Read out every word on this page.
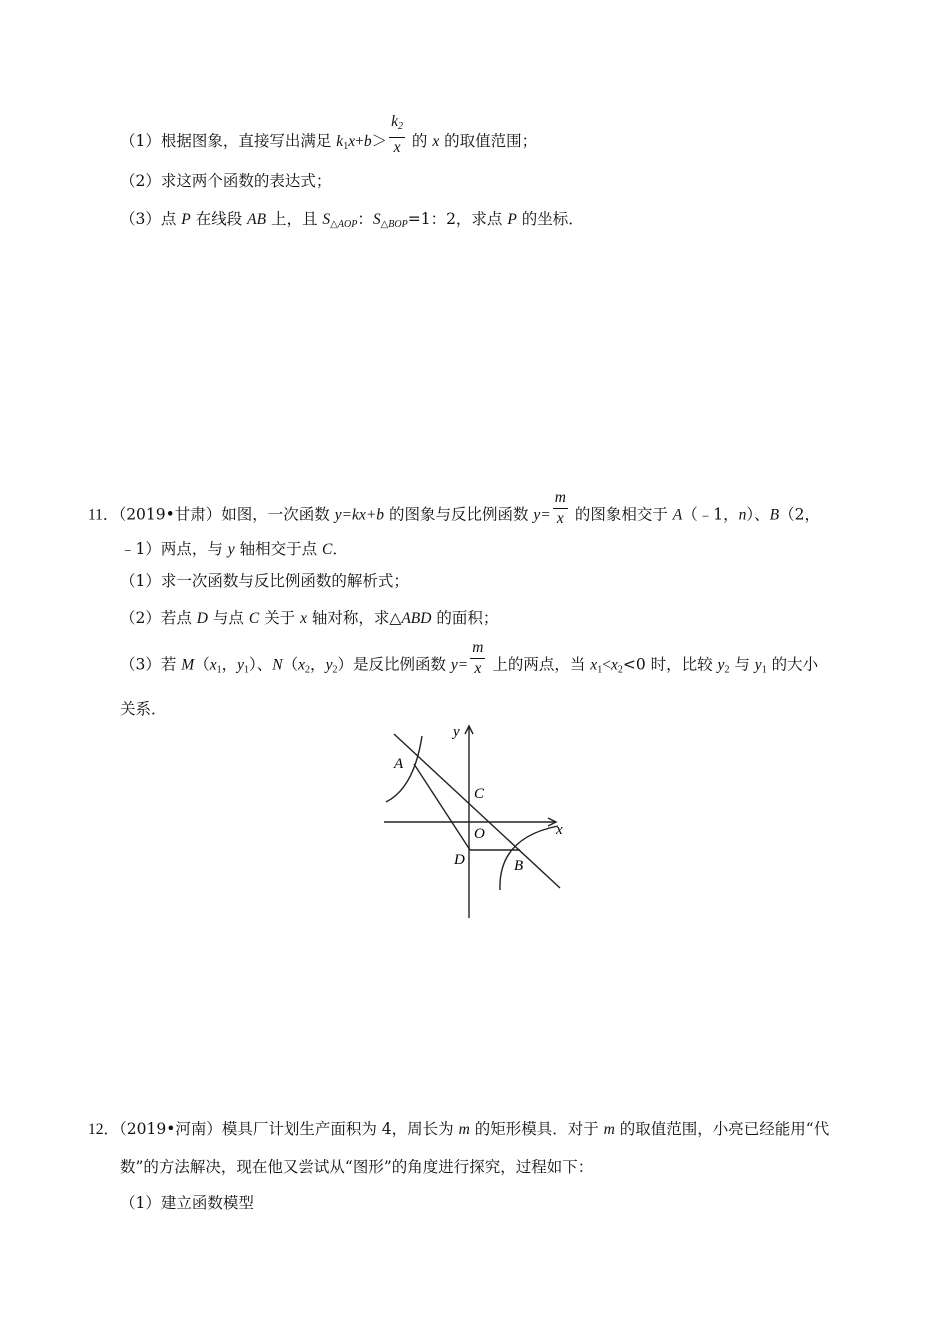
（1）根据图象，直接写出满足 $k_1x+b> \frac{k_2}{x}$ 的 x 的取值范围；
（2）求这两个函数的表达式；
（3）点 P 在线段 AB 上，且 $S_{\triangle AOP}$：$S_{\triangle BOP}=1$：2，求点 P 的坐标．
11．（2019•甘肃）如图，一次函数 y=kx+b 的图象与反比例函数 $y= \frac{m}{x}$ 的图象相交于 A（﹣1，n）、B（2，
﹣1）两点，与 y 轴相交于点 C．
（1）求一次函数与反比例函数的解析式；
（2）若点 D 与点 C 关于 x 轴对称，求△ABD 的面积；
（3）若 $M(x_1$，$y_1$）、$N(x_2$，$y_2$）是反比例函数 $y= \frac{m}{x}$ 上的两点，当 $x_1<x_2<0$ 时，比较 $y_2$ 与 $y_1$ 的大小
关系．
y
x
A
C
O
D	B
12．（2019•河南）模具厂计划生产面积为 4，周长为 m 的矩形模具．对于 m 的取值范围，小亮已经能用“代
数”的方法解决，现在他又尝试从“图形”的角度进行探究，过程如下：
（1）建立函数模型
